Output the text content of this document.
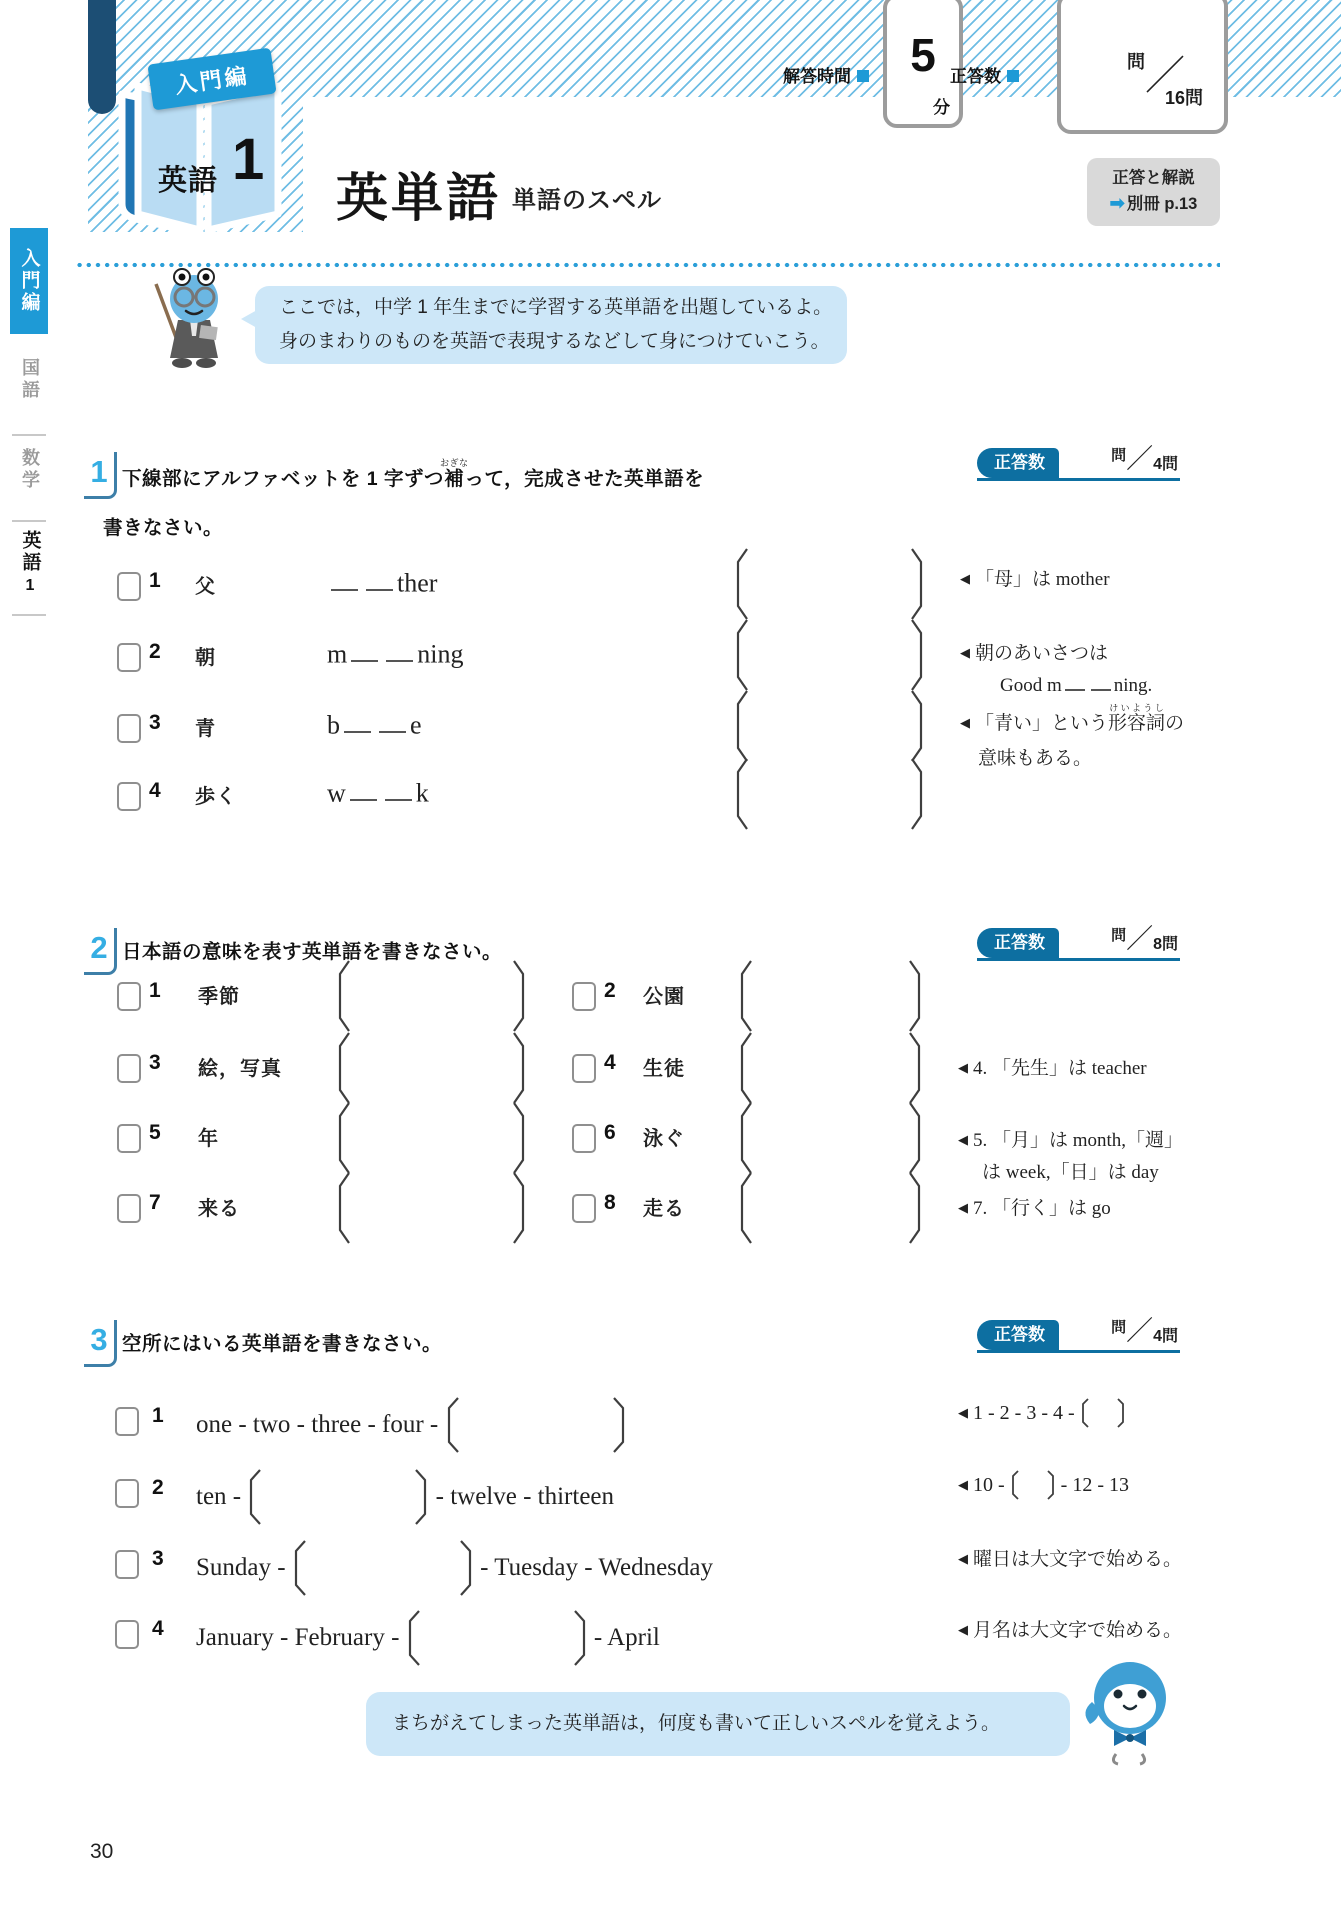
英語 1
入門編
英単語 単語のスペル
解答時間	5
分
正答数
問 ／
16問
正答と解説
➡ 別冊 p.13
入門編
国語
数学
英語
1
ここでは，中学 1 年生までに学習する英単語を出題しているよ。
身のまわりのものを英語で表現するなどして身につけていこう。
1 下線部にアルファベットを 1 字ずつ補おぎなって，完成させた英単語を
書きなさい。
正答数	問／4問
1 父	ther
2 朝	m	ning
3 青	b	e
4 歩く	w	k
◀ 「母」は mother
◀ 朝のあいさつは
Good m	ning.
◀ 「青い」という形容詞けいようしの
意味もある。
2 日本語の意味を表す英単語を書きなさい。	正答数	問／8問
1 季節	2 公園
3 絵，写真	4 生徒
5 年	6 泳ぐ
7 来る	8 走る
◀ 4. 「先生」は teacher
◀ 5. 「月」は month,「週」
は week,「日」は day
◀ 7. 「行く」は go
3 空所にはいる英単語を書きなさい。	正答数	問／4問
1 one - two - three - four -
2 ten -	- twelve - thirteen
3 Sunday -	- Tuesday - Wednesday
4 January - February -	- April
◀ 1 - 2 - 3 - 4 -
◀ 10 - - 12 - 13
◀ 曜日は大文字で始める。
◀ 月名は大文字で始める。
まちがえてしまった英単語は，何度も書いて正しいスペルを覚えよう。
30
